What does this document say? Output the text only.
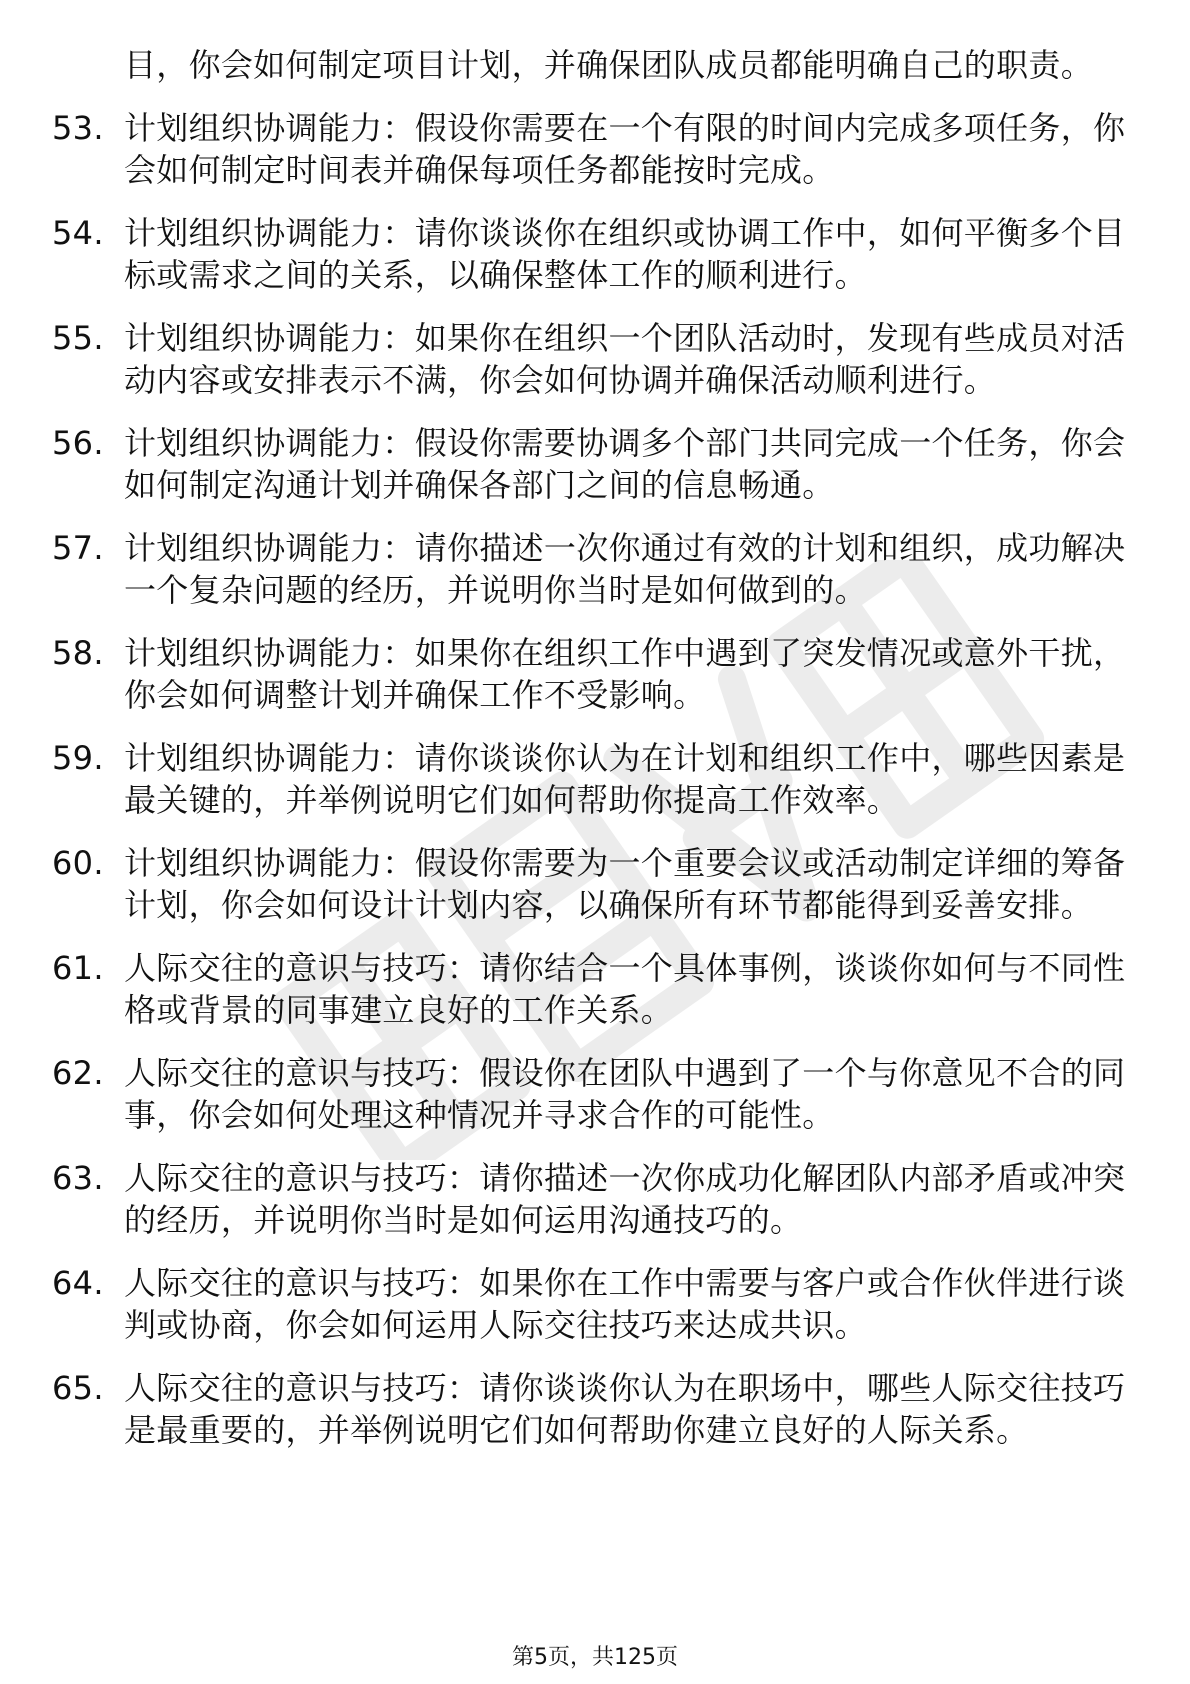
目，你会如何制定项目计划，并确保团队成员都能明确自己的职责。
53. 计划组织协调能力：假设你需要在一个有限的时间内完成多项任务，你会如何制定时间表并确保每项任务都能按时完成。
54. 计划组织协调能力：请你谈谈你在组织或协调工作中，如何平衡多个目标或需求之间的关系，以确保整体工作的顺利进行。
55. 计划组织协调能力：如果你在组织一个团队活动时，发现有些成员对活动内容或安排表示不满，你会如何协调并确保活动顺利进行。
56. 计划组织协调能力：假设你需要协调多个部门共同完成一个任务，你会如何制定沟通计划并确保各部门之间的信息畅通。
57. 计划组织协调能力：请你描述一次你通过有效的计划和组织，成功解决一个复杂问题的经历，并说明你当时是如何做到的。
58. 计划组织协调能力：如果你在组织工作中遇到了突发情况或意外干扰，你会如何调整计划并确保工作不受影响。
59. 计划组织协调能力：请你谈谈你认为在计划和组织工作中，哪些因素是最关键的，并举例说明它们如何帮助你提高工作效率。
60. 计划组织协调能力：假设你需要为一个重要会议或活动制定详细的筹备计划，你会如何设计计划内容，以确保所有环节都能得到妥善安排。
61. 人际交往的意识与技巧：请你结合一个具体事例，谈谈你如何与不同性格或背景的同事建立良好的工作关系。
62. 人际交往的意识与技巧：假设你在团队中遇到了一个与你意见不合的同事，你会如何处理这种情况并寻求合作的可能性。
63. 人际交往的意识与技巧：请你描述一次你成功化解团队内部矛盾或冲突的经历，并说明你当时是如何运用沟通技巧的。
64. 人际交往的意识与技巧：如果你在工作中需要与客户或合作伙伴进行谈判或协商，你会如何运用人际交往技巧来达成共识。
65. 人际交往的意识与技巧：请你谈谈你认为在职场中，哪些人际交往技巧是最重要的，并举例说明它们如何帮助你建立良好的人际关系。
第5页，共125页
